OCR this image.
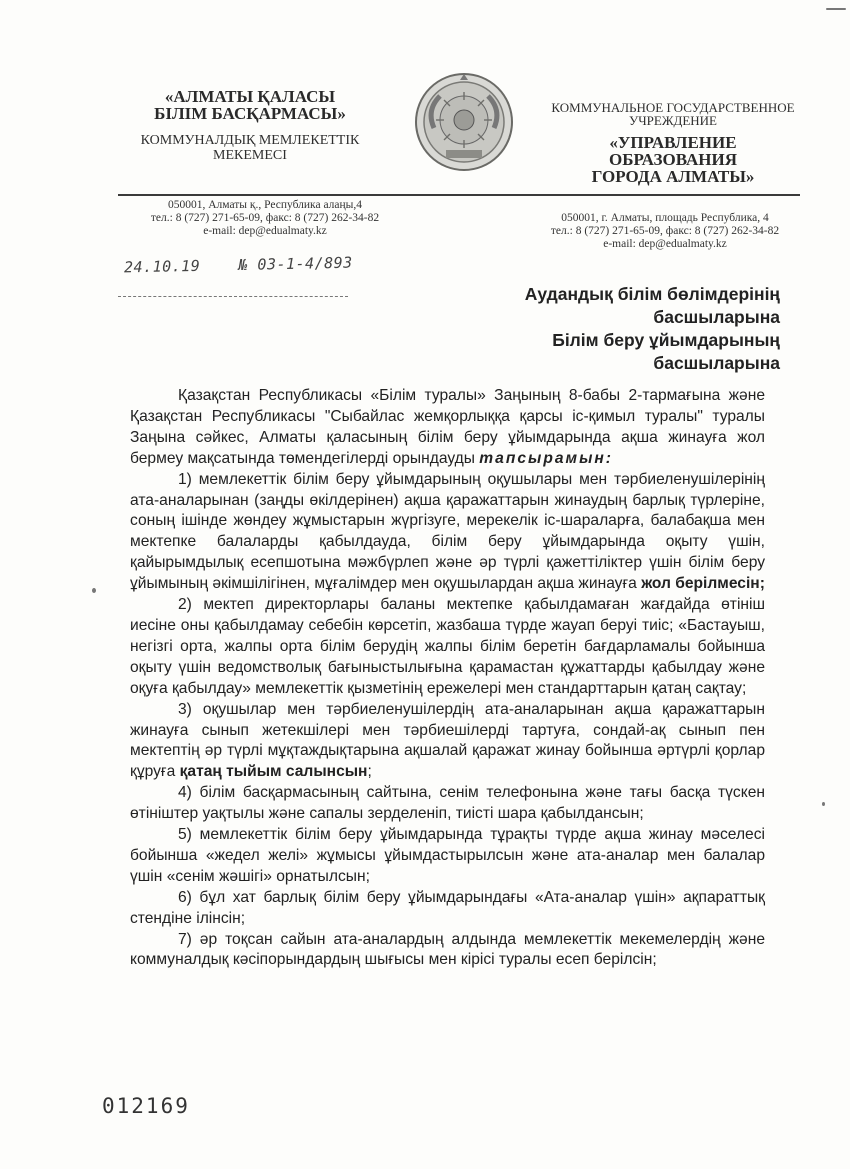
«АЛМАТЫ ҚАЛАСЫ
БІЛІМ БАСҚАРМАСЫ»
КОММУНАЛДЫҚ МЕМЛЕКЕТТІК
МЕКЕМЕСІ
КОММУНАЛЬНОЕ ГОСУДАРСТВЕННОЕ
УЧРЕЖДЕНИЕ
«УПРАВЛЕНИЕ ОБРАЗОВАНИЯ
ГОРОДА АЛМАТЫ»
050001, Алматы қ., Республика алаңы,4
тел.: 8 (727) 271-65-09, факс: 8 (727) 262-34-82
e-mail: dep@edualmaty.kz
050001, г. Алматы, площадь Республика, 4
тел.: 8 (727) 271-65-09, факс: 8 (727) 262-34-82
e-mail: dep@edualmaty.kz
24.10.19	№ 03-1-4/893
Аудандық білім бөлімдерінің
басшыларына
Білім беру ұйымдарының
басшыларына

Қазақстан Республикасы «Білім туралы» Заңының 8-бабы 2-тармағына және Қазақстан Республикасы "Сыбайлас жемқорлыққа қарсы іс-қимыл туралы" туралы Заңына сәйкес, Алматы қаласының білім беру ұйымдарында ақша жинауға жол бермеу мақсатында төмендегілерді орындауды тапсырамын:

1) мемлекеттік білім беру ұйымдарының оқушылары мен тәрбиеленушілерінің ата-аналарынан (заңды өкілдерінен) ақша қаражаттарын жинаудың барлық түрлеріне, соның ішінде жөндеу жұмыстарын жүргізуге, мерекелік іс-шараларға, балабақша мен мектепке балаларды қабылдауда, білім беру ұйымдарында оқыту үшін, қайырымдылық есепшотына мәжбүрлеп және әр түрлі қажеттіліктер үшін білім беру ұйымының әкімшілігінен, мұғалімдер мен оқушылардан ақша жинауға жол берілмесін;

2) мектеп директорлары баланы мектепке қабылдамаған жағдайда өтініш иесіне оны қабылдамау себебін көрсетіп, жазбаша түрде жауап беруі тиіс; «Бастауыш, негізгі орта, жалпы орта білім берудің жалпы білім беретін бағдарламалы бойынша оқыту үшін ведомстволық бағыныстылығына қарамастан құжаттарды қабылдау және оқуға қабылдау» мемлекеттік қызметінің ережелері мен стандарттарын қатаң сақтау;

3) оқушылар мен тәрбиеленушілердің ата-аналарынан ақша қаражаттарын жинауға сынып жетекшілері мен тәрбиешілерді тартуға, сондай-ақ сынып пен мектептің әр түрлі мұқтаждықтарына ақшалай қаражат жинау бойынша әртүрлі қорлар құруға қатаң тыйым салынсын;

4) білім басқармасының сайтына, сенім телефонына және тағы басқа түскен өтініштер уақтылы және сапалы зерделеніп, тиісті шара қабылдансын;

5) мемлекеттік білім беру ұйымдарында тұрақты түрде ақша жинау мәселесі бойынша «жедел желі» жұмысы ұйымдастырылсын және ата-аналар мен балалар үшін «сенім жәшігі» орнатылсын;

6) бұл хат барлық білім беру ұйымдарындағы «Ата-аналар үшін» ақпараттық стендіне ілінсін;

7) әр тоқсан сайын ата-аналардың алдында мемлекеттік мекемелердің және коммуналдық кәсіпорындардың шығысы мен кірісі туралы есеп берілсін;

012169
